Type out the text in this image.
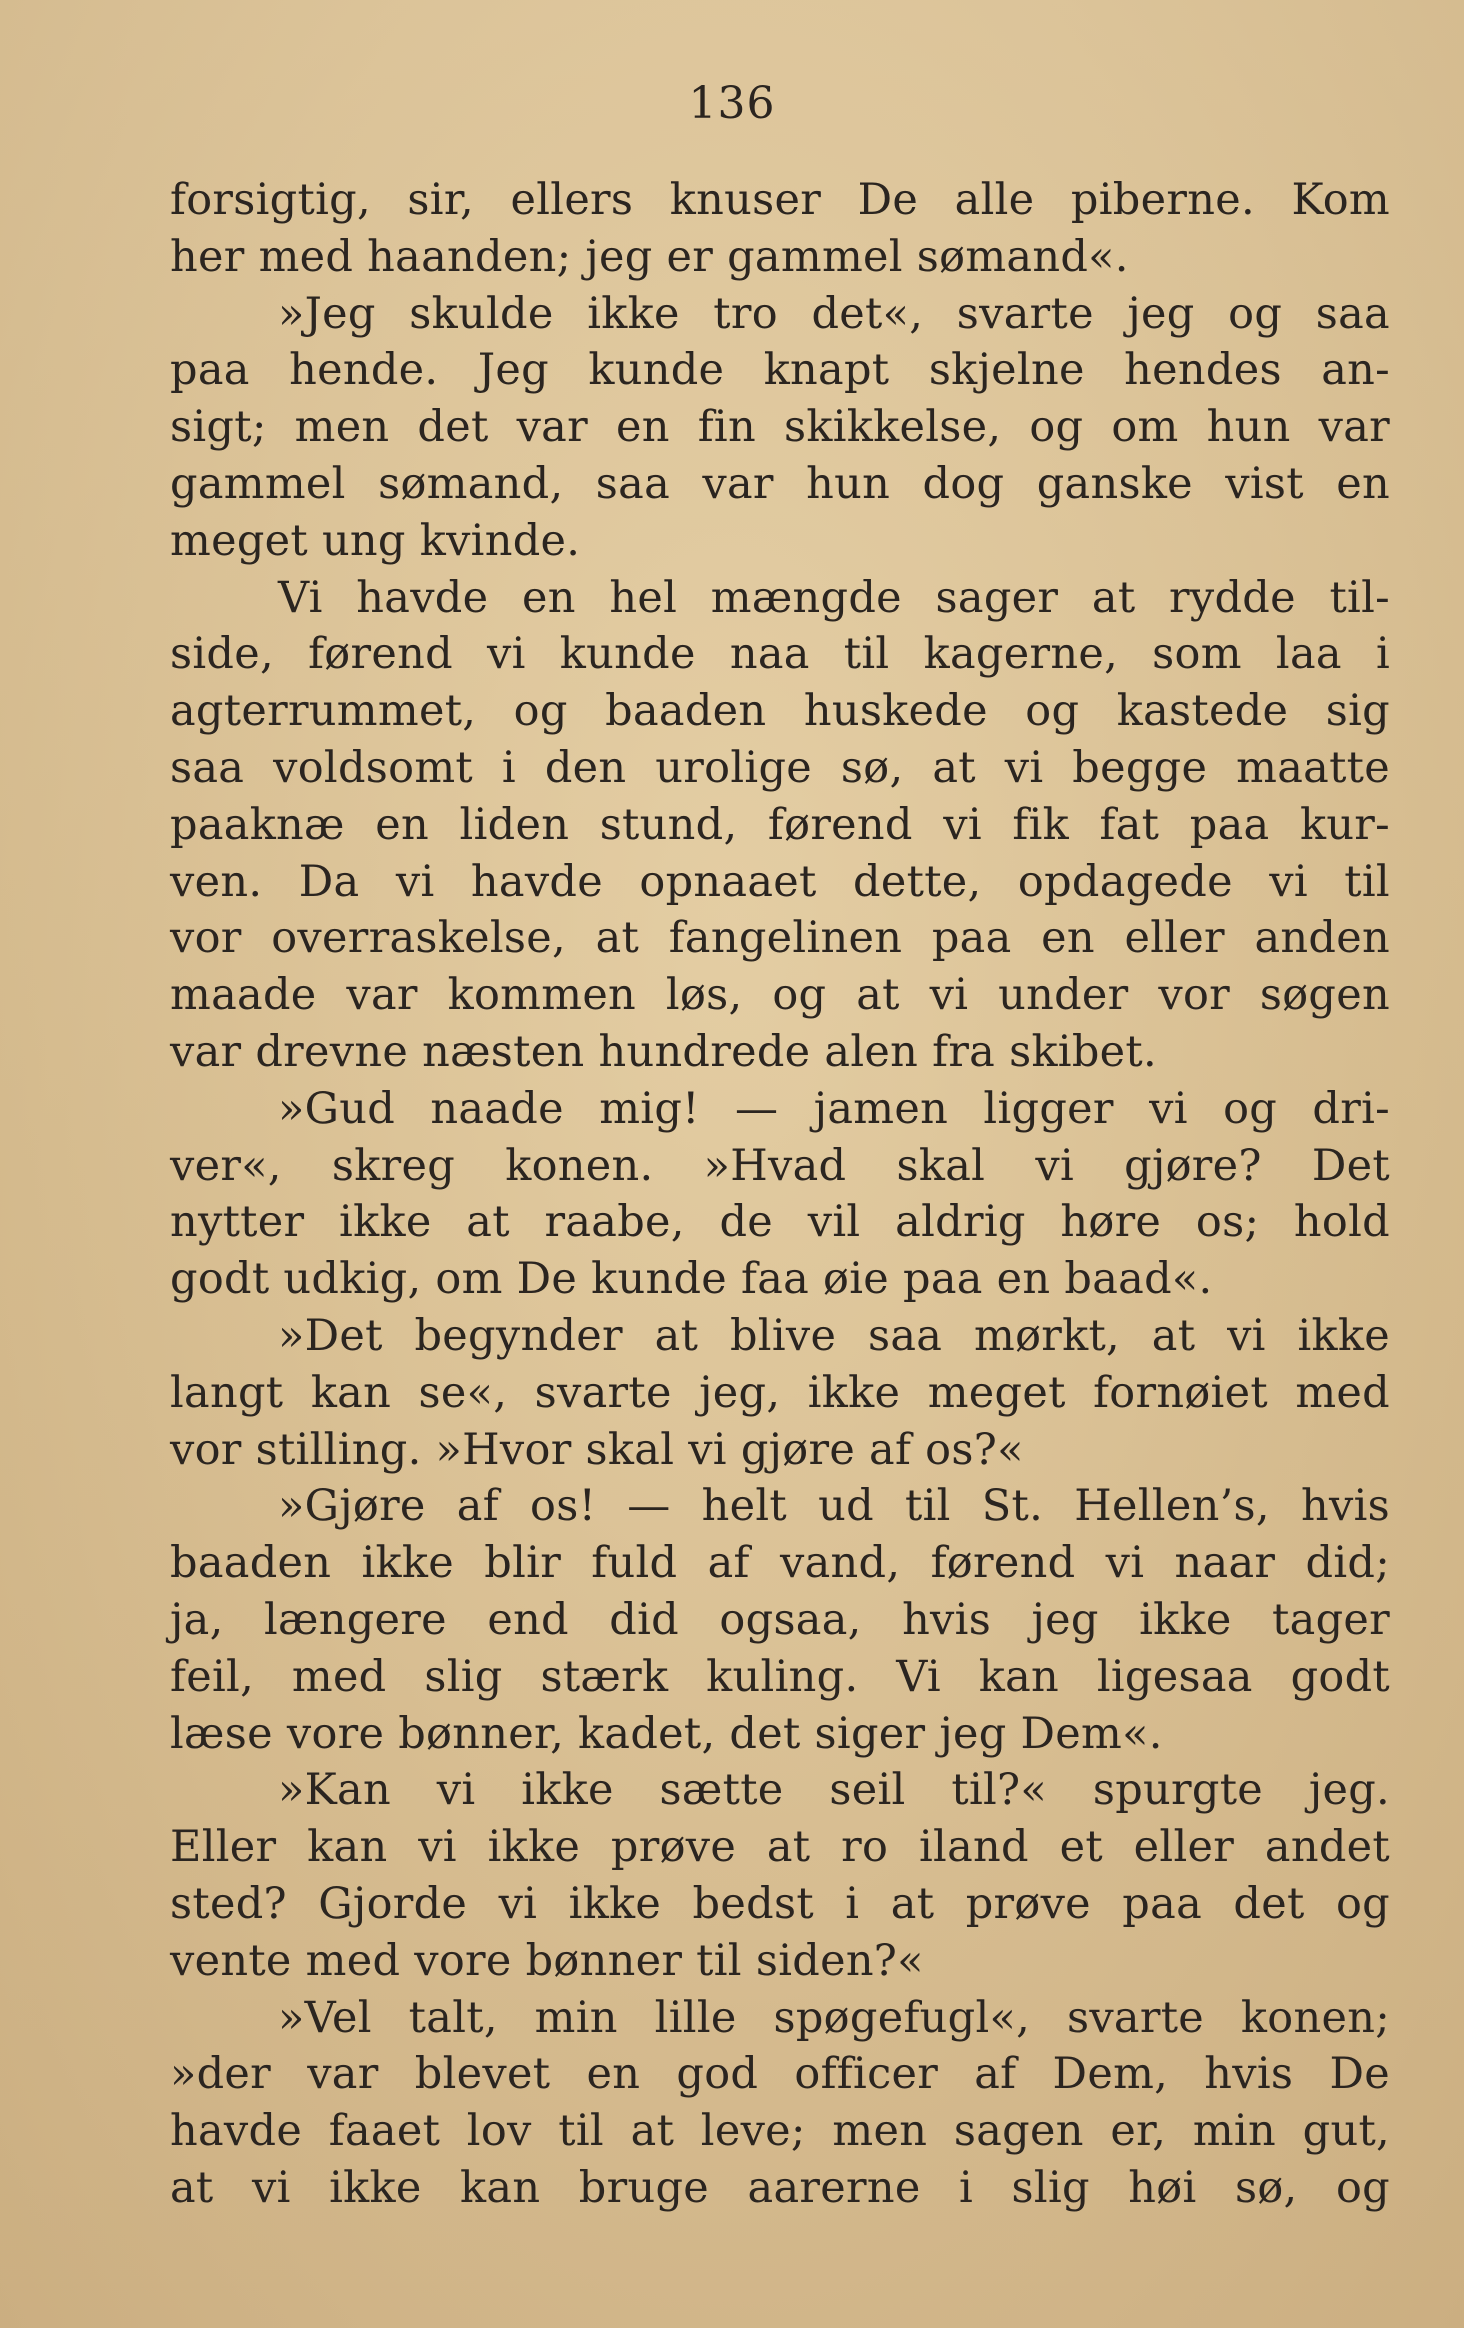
136
forsigtig, sir, ellers knuser De alle piberne. Kom
her med haanden; jeg er gammel sømand«.
»Jeg skulde ikke tro det«, svarte jeg og saa
paa hende. Jeg kunde knapt skjelne hendes an-
sigt; men det var en fin skikkelse, og om hun var
gammel sømand, saa var hun dog ganske vist en
meget ung kvinde.
Vi havde en hel mængde sager at rydde til-
side, førend vi kunde naa til kagerne, som laa i
agterrummet, og baaden huskede og kastede sig
saa voldsomt i den urolige sø, at vi begge maatte
paaknæ en liden stund, førend vi fik fat paa kur-
ven. Da vi havde opnaaet dette, opdagede vi til
vor overraskelse, at fangelinen paa en eller anden
maade var kommen løs, og at vi under vor søgen
var drevne næsten hundrede alen fra skibet.
»Gud naade mig! — jamen ligger vi og dri-
ver«, skreg konen. »Hvad skal vi gjøre? Det
nytter ikke at raabe, de vil aldrig høre os; hold
godt udkig, om De kunde faa øie paa en baad«.
»Det begynder at blive saa mørkt, at vi ikke
langt kan se«, svarte jeg, ikke meget fornøiet med
vor stilling. »Hvor skal vi gjøre af os?«
»Gjøre af os! — helt ud til St. Hellen’s, hvis
baaden ikke blir fuld af vand, førend vi naar did;
ja, længere end did ogsaa, hvis jeg ikke tager
feil, med slig stærk kuling. Vi kan ligesaa godt
læse vore bønner, kadet, det siger jeg Dem«.
»Kan vi ikke sætte seil til?« spurgte jeg.
Eller kan vi ikke prøve at ro iland et eller andet
sted? Gjorde vi ikke bedst i at prøve paa det og
vente med vore bønner til siden?«
»Vel talt, min lille spøgefugl«, svarte konen;
»der var blevet en god officer af Dem, hvis De
havde faaet lov til at leve; men sagen er, min gut,
at vi ikke kan bruge aarerne i slig høi sø, og
